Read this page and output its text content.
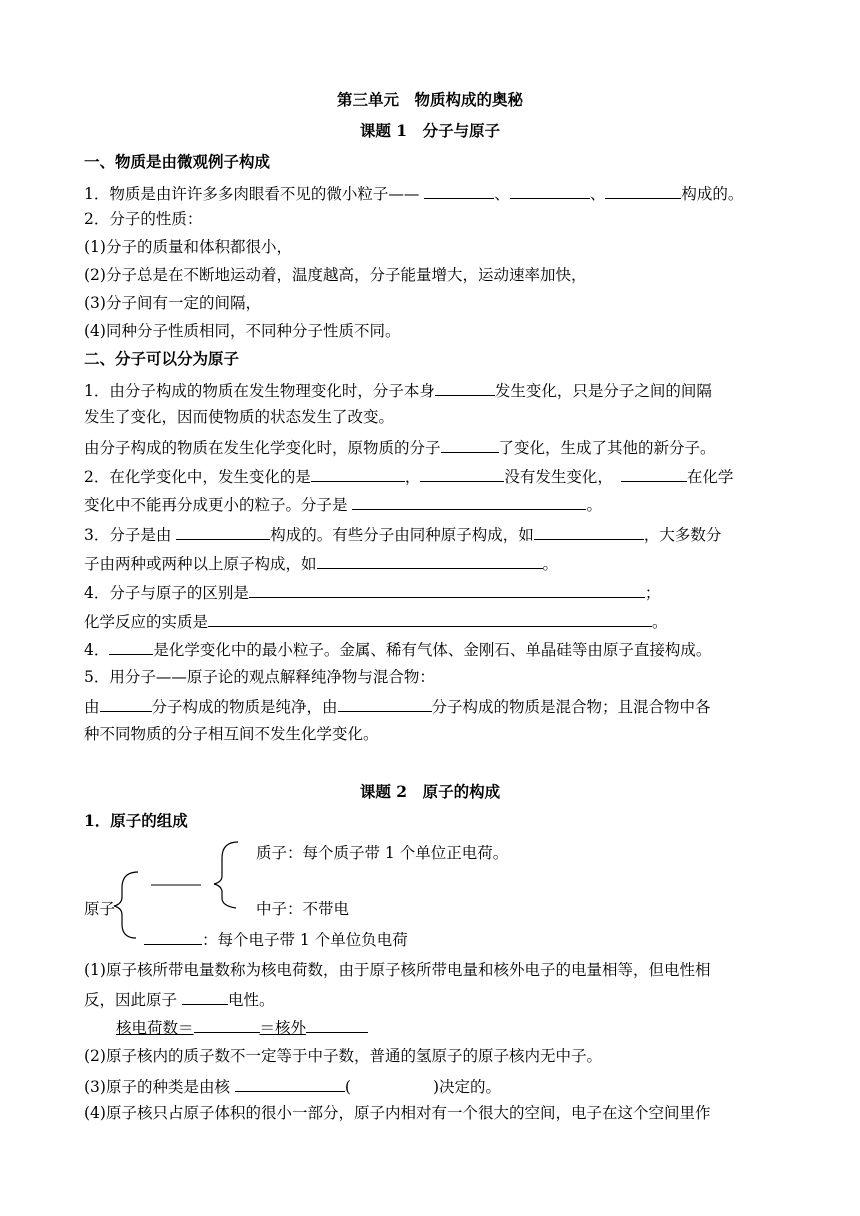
第三单元　物质构成的奥秘
课题 1　分子与原子
一、物质是由微观例子构成
1．物质是由许许多多肉眼看不见的微小粒子——	、	、	构成的。
2．分子的性质：
(1)分子的质量和体积都很小，
(2)分子总是在不断地运动着，温度越高，分子能量增大，运动速率加快，
(3)分子间有一定的间隔，
(4)同种分子性质相同，不同种分子性质不同。
二、分子可以分为原子
1．由分子构成的物质在发生物理变化时，分子本身	发生变化，只是分子之间的间隔
发生了变化，因而使物质的状态发生了改变。
由分子构成的物质在发生化学变化时，原物质的分子	了变化，生成了其他的新分子。
2．在化学变化中，发生变化的是	，	没有发生变化，	在化学
变化中不能再分成更小的粒子。分子是	。
3．分子是由	构成的。有些分子由同种原子构成，如	，大多数分
子由两种或两种以上原子构成，如	。
4．分子与原子的区别是	；
化学反应的实质是	。
4．	是化学变化中的最小粒子。金属、稀有气体、金刚石、单晶硅等由原子直接构成。
5．用分子——原子论的观点解释纯净物与混合物：
由	分子构成的物质是纯净，由	分子构成的物质是混合物；且混合物中各
种不同物质的分子相互间不发生化学变化。
课题 2　原子的构成
1．原子的组成
质子：每个质子带 1 个单位正电荷。
中子：不带电
原子
：每个电子带 1 个单位负电荷
(1)原子核所带电量数称为核电荷数，由于原子核所带电量和核外电子的电量相等，但电性相
反，因此原子	电性。
核电荷数＝	＝核外
(2)原子核内的质子数不一定等于中子数，普通的氢原子的原子核内无中子。
(3)原子的种类是由核	(	)决定的。
(4)原子核只占原子体积的很小一部分，原子内相对有一个很大的空间，电子在这个空间里作
